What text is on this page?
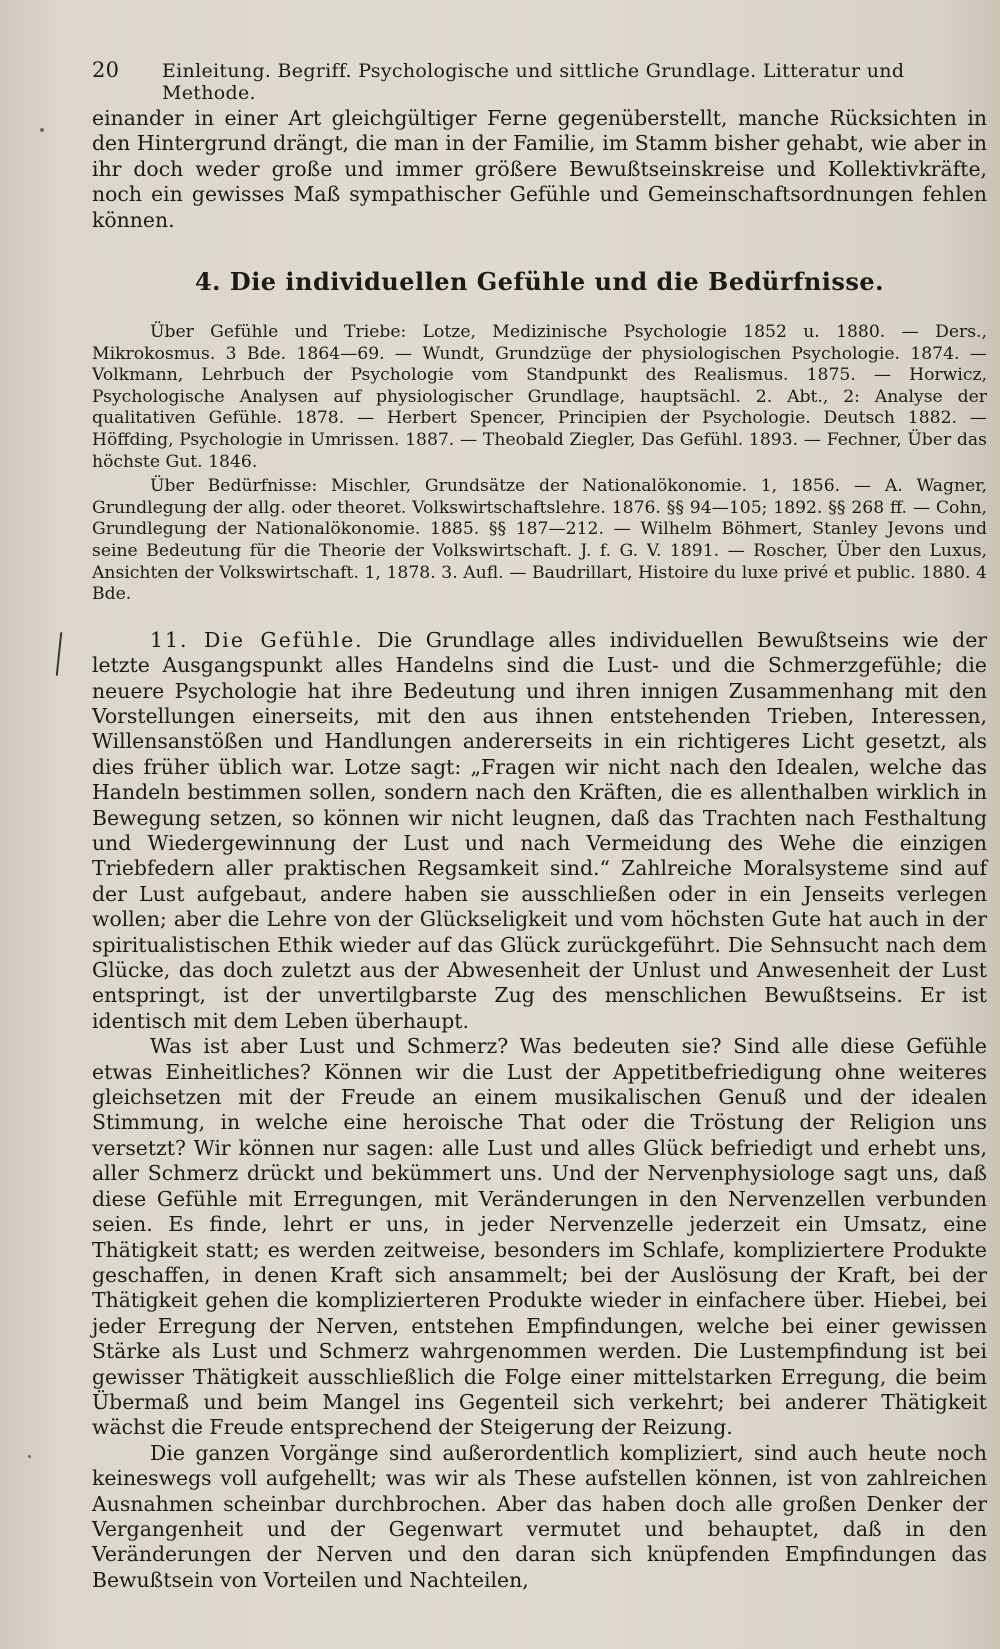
20	Einleitung. Begriff. Psychologische und sittliche Grundlage. Litteratur und Methode.

einander in einer Art gleichgültiger Ferne gegenüberstellt, manche Rücksichten in den Hintergrund drängt, die man in der Familie, im Stamm bisher gehabt, wie aber in ihr doch weder große und immer größere Bewußtseinskreise und Kollektivkräfte, noch ein gewisses Maß sympathischer Gefühle und Gemeinschaftsordnungen fehlen können.

4. Die individuellen Gefühle und die Bedürfnisse.

Über Gefühle und Triebe: Lotze, Medizinische Psychologie 1852 u. 1880. — Ders., Mikrokosmus. 3 Bde. 1864—69. — Wundt, Grundzüge der physiologischen Psychologie. 1874. — Volkmann, Lehrbuch der Psychologie vom Standpunkt des Realismus. 1875. — Horwicz, Psychologische Analysen auf physiologischer Grundlage, hauptsächl. 2. Abt., 2: Analyse der qualitativen Gefühle. 1878. — Herbert Spencer, Principien der Psychologie. Deutsch 1882. — Höffding, Psychologie in Umrissen. 1887. — Theobald Ziegler, Das Gefühl. 1893. — Fechner, Über das höchste Gut. 1846.

Über Bedürfnisse: Mischler, Grundsätze der Nationalökonomie. 1, 1856. — A. Wagner, Grundlegung der allg. oder theoret. Volkswirtschaftslehre. 1876. §§ 94—105; 1892. §§ 268 ff. — Cohn, Grundlegung der Nationalökonomie. 1885. §§ 187—212. — Wilhelm Böhmert, Stanley Jevons und seine Bedeutung für die Theorie der Volkswirtschaft. J. f. G. V. 1891. — Roscher, Über den Luxus, Ansichten der Volkswirtschaft. 1, 1878. 3. Aufl. — Baudrillart, Histoire du luxe privé et public. 1880. 4 Bde.

11. Die Gefühle. Die Grundlage alles individuellen Bewußtseins wie der letzte Ausgangspunkt alles Handelns sind die Lust- und die Schmerzgefühle; die neuere Psychologie hat ihre Bedeutung und ihren innigen Zusammenhang mit den Vorstellungen einerseits, mit den aus ihnen entstehenden Trieben, Interessen, Willensanstößen und Handlungen andererseits in ein richtigeres Licht gesetzt, als dies früher üblich war. Lotze sagt: „Fragen wir nicht nach den Idealen, welche das Handeln bestimmen sollen, sondern nach den Kräften, die es allenthalben wirklich in Bewegung setzen, so können wir nicht leugnen, daß das Trachten nach Festhaltung und Wiedergewinnung der Lust und nach Vermeidung des Wehe die einzigen Triebfedern aller praktischen Regsamkeit sind.“ Zahlreiche Moralsysteme sind auf der Lust aufgebaut, andere haben sie ausschließen oder in ein Jenseits verlegen wollen; aber die Lehre von der Glückseligkeit und vom höchsten Gute hat auch in der spiritualistischen Ethik wieder auf das Glück zurückgeführt. Die Sehnsucht nach dem Glücke, das doch zuletzt aus der Abwesenheit der Unlust und Anwesenheit der Lust entspringt, ist der unvertilgbarste Zug des menschlichen Bewußtseins. Er ist identisch mit dem Leben überhaupt.

Was ist aber Lust und Schmerz? Was bedeuten sie? Sind alle diese Gefühle etwas Einheitliches? Können wir die Lust der Appetitbefriedigung ohne weiteres gleichsetzen mit der Freude an einem musikalischen Genuß und der idealen Stimmung, in welche eine heroische That oder die Tröstung der Religion uns versetzt? Wir können nur sagen: alle Lust und alles Glück befriedigt und erhebt uns, aller Schmerz drückt und bekümmert uns. Und der Nervenphysiologe sagt uns, daß diese Gefühle mit Erregungen, mit Veränderungen in den Nervenzellen verbunden seien. Es finde, lehrt er uns, in jeder Nervenzelle jederzeit ein Umsatz, eine Thätigkeit statt; es werden zeitweise, besonders im Schlafe, kompliziertere Produkte geschaffen, in denen Kraft sich ansammelt; bei der Auslösung der Kraft, bei der Thätigkeit gehen die komplizierteren Produkte wieder in einfachere über. Hiebei, bei jeder Erregung der Nerven, entstehen Empfindungen, welche bei einer gewissen Stärke als Lust und Schmerz wahrgenommen werden. Die Lustempfindung ist bei gewisser Thätigkeit ausschließlich die Folge einer mittelstarken Erregung, die beim Übermaß und beim Mangel ins Gegenteil sich verkehrt; bei anderer Thätigkeit wächst die Freude entsprechend der Steigerung der Reizung.

Die ganzen Vorgänge sind außerordentlich kompliziert, sind auch heute noch keineswegs voll aufgehellt; was wir als These aufstellen können, ist von zahlreichen Ausnahmen scheinbar durchbrochen. Aber das haben doch alle großen Denker der Vergangenheit und der Gegenwart vermutet und behauptet, daß in den Veränderungen der Nerven und den daran sich knüpfenden Empfindungen das Bewußtsein von Vorteilen und Nachteilen,
